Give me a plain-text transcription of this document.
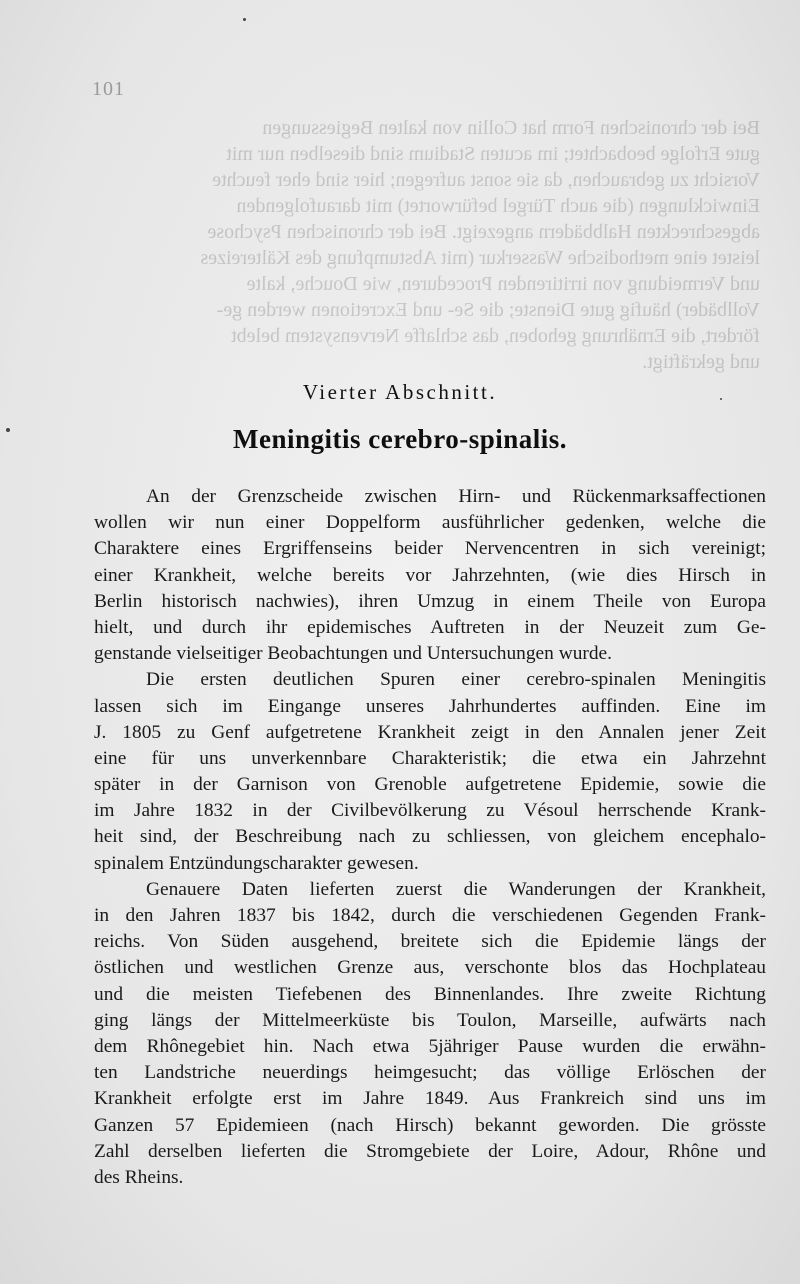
Bei der chronischen Form hat Collin von kalten Begiessungen
gute Erfolge beobachtet; im acuten Stadium sind dieselben nur mit
Vorsicht zu gebrauchen, da sie sonst aufregen; hier sind eher feuchte
Einwicklungen (die auch Türgel befürwortet) mit daraufolgenden
abgeschreckten Halbbädern angezeigt. Bei der chronischen Psychose
leistet eine methodische Wasserkur (mit Abstumpfung des Kältereizes
und Vermeidung von irritirenden Proceduren, wie Douche, kalte
Vollbäder) häufig gute Dienste; die Se- und Excretionen werden ge-
fördert, die Ernährung gehoben, das schlaffe Nervensystem belebt
und gekräftigt.
101
Vierter Abschnitt.
Meningitis cerebro-spinalis.
An der Grenzscheide zwischen Hirn- und Rückenmarksaffectionen
wollen wir nun einer Doppelform ausführlicher gedenken, welche die
Charaktere eines Ergriffenseins beider Nervencentren in sich vereinigt;
einer Krankheit, welche bereits vor Jahrzehnten, (wie dies Hirsch in
Berlin historisch nachwies), ihren Umzug in einem Theile von Europa
hielt, und durch ihr epidemisches Auftreten in der Neuzeit zum Ge-
genstande vielseitiger Beobachtungen und Untersuchungen wurde.
Die ersten deutlichen Spuren einer cerebro-spinalen Meningitis
lassen sich im Eingange unseres Jahrhundertes auffinden. Eine im
J. 1805 zu Genf aufgetretene Krankheit zeigt in den Annalen jener Zeit
eine für uns unverkennbare Charakteristik; die etwa ein Jahrzehnt
später in der Garnison von Grenoble aufgetretene Epidemie, sowie die
im Jahre 1832 in der Civilbevölkerung zu Vésoul herrschende Krank-
heit sind, der Beschreibung nach zu schliessen, von gleichem encephalo-
spinalem Entzündungscharakter gewesen.
Genauere Daten lieferten zuerst die Wanderungen der Krankheit,
in den Jahren 1837 bis 1842, durch die verschiedenen Gegenden Frank-
reichs. Von Süden ausgehend, breitete sich die Epidemie längs der
östlichen und westlichen Grenze aus, verschonte blos das Hochplateau
und die meisten Tiefebenen des Binnenlandes. Ihre zweite Richtung
ging längs der Mittelmeerküste bis Toulon, Marseille, aufwärts nach
dem Rhônegebiet hin. Nach etwa 5jähriger Pause wurden die erwähn-
ten Landstriche neuerdings heimgesucht; das völlige Erlöschen der
Krankheit erfolgte erst im Jahre 1849. Aus Frankreich sind uns im
Ganzen 57 Epidemieen (nach Hirsch) bekannt geworden. Die grösste
Zahl derselben lieferten die Stromgebiete der Loire, Adour, Rhône und
des Rheins.
